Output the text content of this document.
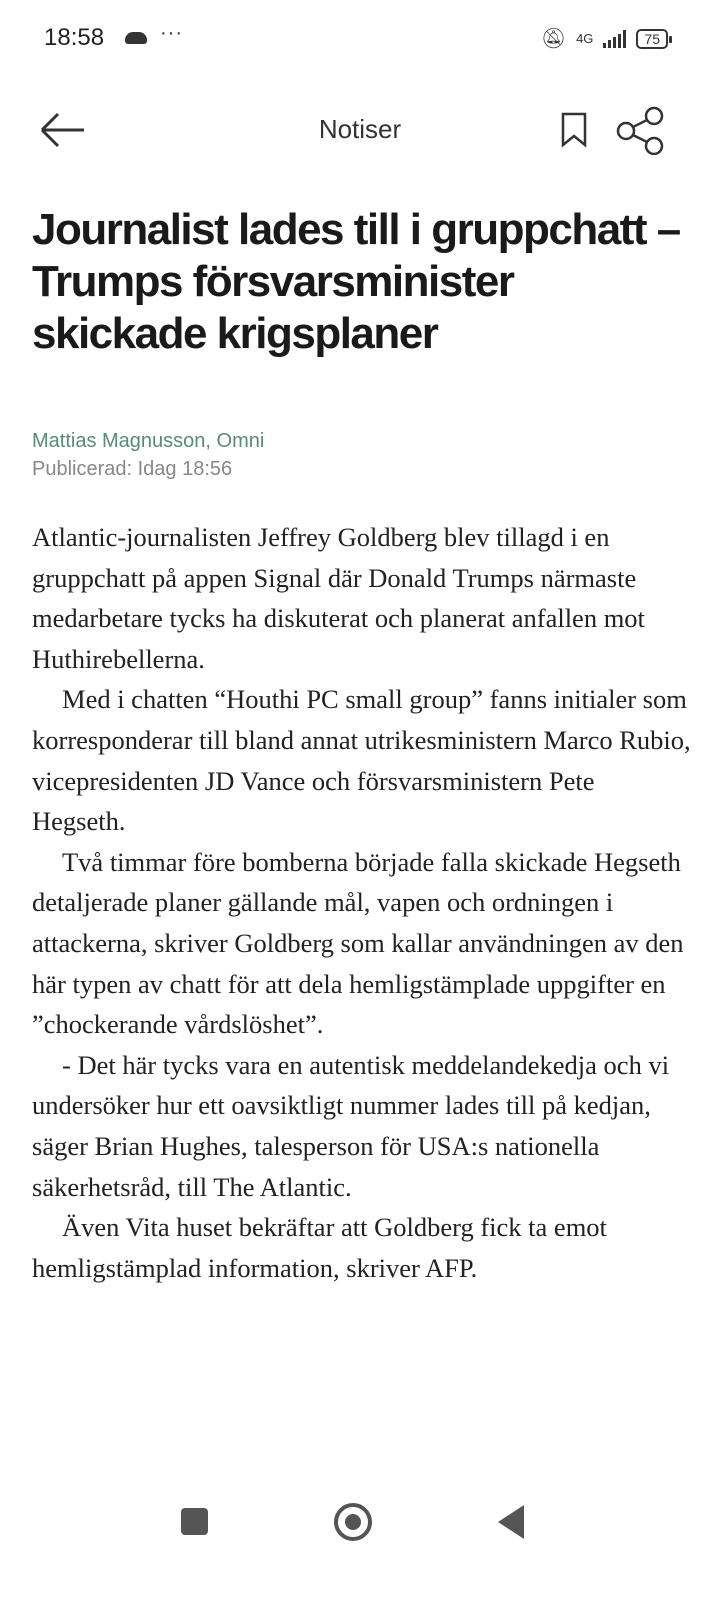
18:58	···	🔕︎ 4G	75
Notiser
Journalist lades till i gruppchatt – Trumps försvarsminister skickade krigsplaner
Mattias Magnusson, Omni
Publicerad: Idag 18:56

Atlantic-journalisten Jeffrey Goldberg blev tillagd i en gruppchatt på appen Signal där Donald Trumps närmaste medarbetare tycks ha diskuterat och planerat anfallen mot Huthirebellerna.

Med i chatten “Houthi PC small group” fanns initialer som korresponderar till bland annat utrikesministern Marco Rubio, vicepresidenten JD Vance och försvarsministern Pete Hegseth.

Två timmar före bomberna började falla skickade Hegseth detaljerade planer gällande mål, vapen och ordningen i attackerna, skriver Goldberg som kallar användningen av den här typen av chatt för att dela hemligstämplade uppgifter en ”chockerande vårdslöshet”.

- Det här tycks vara en autentisk meddelandekedja och vi undersöker hur ett oavsiktligt nummer lades till på kedjan, säger Brian Hughes, talesperson för USA:s nationella säkerhetsråd, till The Atlantic.

Även Vita huset bekräftar att Goldberg fick ta emot hemligstämplad information, skriver AFP.
